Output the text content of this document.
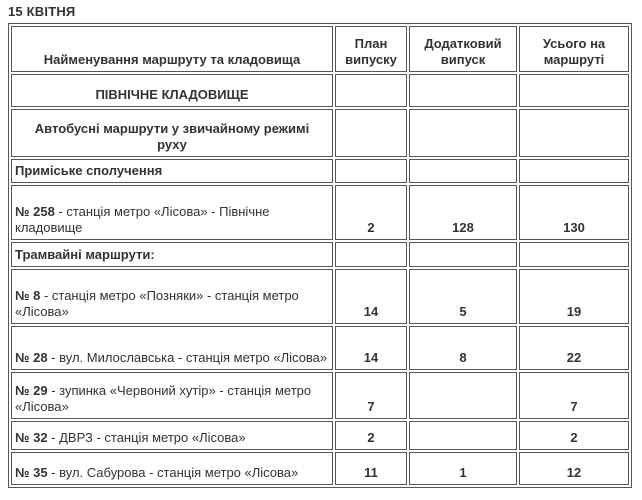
15 КВІТНЯ
Найменування маршруту та кладовища	План випуску	Додатковий випуск	Усього на маршруті
ПІВНІЧНЕ КЛАДОВИЩЕ			

Автобусні маршрути у звичайному режимі руху			

Приміське сполучення			
№ 258 - станція метро «Лісова» - Північне кладовище	2	128	130
Трамвайні маршрути:			
№ 8 - станція метро «Позняки» - станція метро «Лісова»	14	5	19
№ 28 - вул. Милославська - станція метро «Лісова»	14	8	22
№ 29 - зупинка «Червоний хутір» - станція метро «Лісова»	7		7
№ 32 - ДВРЗ - станція метро «Лісова»	2		2
№ 35 - вул. Сабурова - станція метро «Лісова»	11	1	12
